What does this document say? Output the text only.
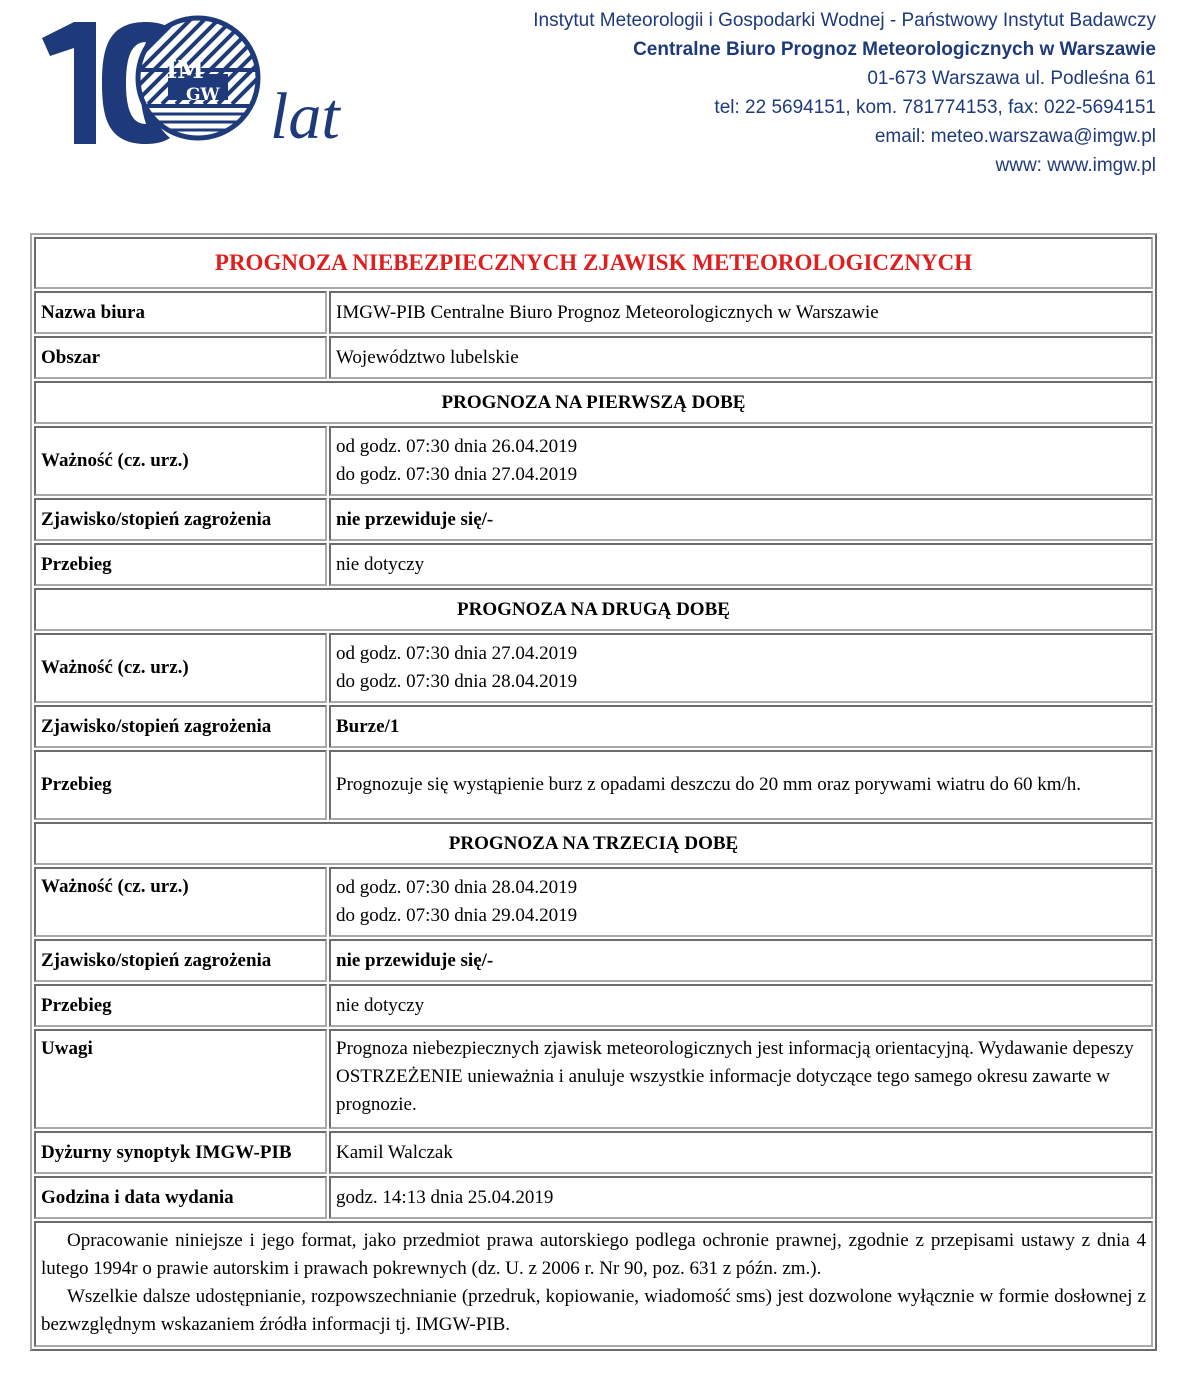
IM
GW lat
Instytut Meteorologii i Gospodarki Wodnej - Państwowy Instytut Badawczy
Centralne Biuro Prognoz Meteorologicznych w Warszawie
01-673 Warszawa ul. Podleśna 61
tel: 22 5694151, kom. 781774153, fax: 022-5694151
email: meteo.warszawa@imgw.pl
www: www.imgw.pl
PROGNOZA NIEBEZPIECZNYCH ZJAWISK METEOROLOGICZNYCH	
Nazwa biura	IMGW-PIB Centralne Biuro Prognoz Meteorologicznych w Warszawie
Obszar	Województwo lubelskie
PROGNOZA NA PIERWSZĄ DOBĘ	
Ważność (cz. urz.)	od godz. 07:30 dnia 26.04.2019
do godz. 07:30 dnia 27.04.2019

Zjawisko/stopień zagrożenia	nie przewiduje się/-
Przebieg	nie dotyczy
PROGNOZA NA DRUGĄ DOBĘ	
Ważność (cz. urz.)	od godz. 07:30 dnia 27.04.2019
do godz. 07:30 dnia 28.04.2019

Zjawisko/stopień zagrożenia	Burze/1
Przebieg	Prognozuje się wystąpienie burz z opadami deszczu do 20 mm oraz porywami wiatru do 60 km/h.
PROGNOZA NA TRZECIĄ DOBĘ	
Ważność (cz. urz.)	od godz. 07:30 dnia 28.04.2019
do godz. 07:30 dnia 29.04.2019

Zjawisko/stopień zagrożenia	nie przewiduje się/-
Przebieg	nie dotyczy
Uwagi	Prognoza niebezpiecznych zjawisk meteorologicznych jest informacją orientacyjną. Wydawanie depeszy OSTRZEŻENIE unieważnia i anuluje wszystkie informacje dotyczące tego samego okresu zawarte w prognozie.
Dyżurny synoptyk IMGW-PIB	Kamil Walczak
Godzina i data wydania	godz. 14:13 dnia 25.04.2019

Opracowanie niniejsze i jego format, jako przedmiot prawa autorskiego podlega ochronie prawnej, zgodnie z przepisami ustawy z dnia 4 lutego 1994r o prawie autorskim i prawach pokrewnych (dz. U. z 2006 r. Nr 90, poz. 631 z późn. zm.).

Wszelkie dalsze udostępnianie, rozpowszechnianie (przedruk, kopiowanie, wiadomość sms) jest dozwolone wyłącznie w formie dosłownej z bezwzględnym wskazaniem źródła informacji tj. IMGW-PIB.	
